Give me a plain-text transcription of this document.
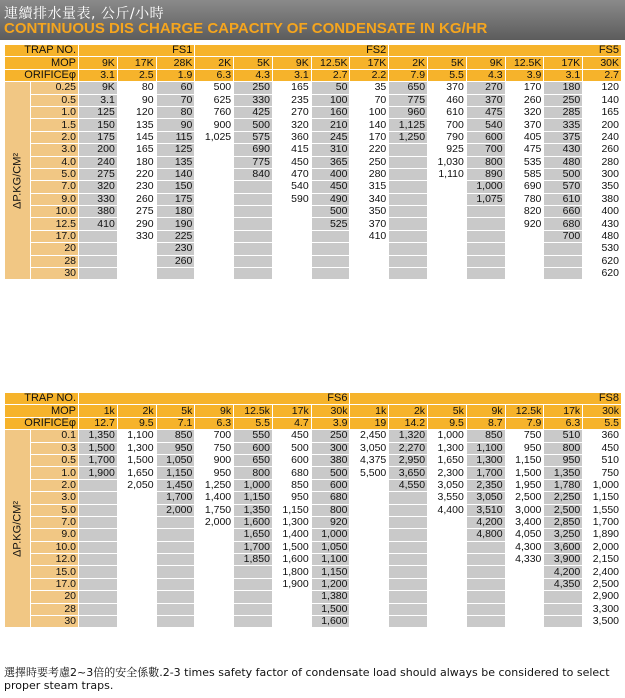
連續排水量表, 公斤/小時
CONTINUOUS DIS CHARGE CAPACITY OF CONDENSATE IN KG/HR
TRAP NO.		FS1			FS2					FS5					
MOP		9K	17K	28K	2K	5K	9K	12.5K	17K	2K	5K	9K	12.5K	17K	30K
ORIFICEφ		3.1	2.5	1.9	6.3	4.3	3.1	2.7	2.2	7.9	5.5	4.3	3.9	3.1	2.7

ΔP.KG/CM²	0.25	9K	80	60	500	250	165	50	35	650	370	270	170	180	120
	0.5	3.1	90	70	625	330	235	100	70	775	460	370	260	250	140
	1.0	125	120	80	760	425	270	160	100	960	610	475	320	285	165
	1.5	150	135	90	900	500	320	210	140	1,125	700	540	370	335	200
	2.0	175	145	115	1,025	575	360	245	170	1,250	790	600	405	375	240
	3.0	200	165	125		690	415	310	220		925	700	475	430	260
	4.0	240	180	135		775	450	365	250		1,030	800	535	480	280
	5.0	275	220	140		840	470	400	280		1,110	890	585	500	300
	7.0	320	230	150			540	450	315			1,000	690	570	350
	9.0	330	260	175			590	490	340			1,075	780	610	380
	10.0	380	275	180				500	350				820	660	400
	12.5	410	290	190				525	370				920	680	430
	17.0		330	225					410					700	480
	20			230											530
	28			260											620
	30														620
TRAP NO.		FS6							FS8						
MOP		1k	2k	5k	9k	12.5k	17k	30k	1k	2k	5k	9k	12.5k	17k	30k
ORIFICEφ		12.7	9.5	7.1	6.3	5.5	4.7	3.9	19	14.2	9.5	8.7	7.9	6.3	5.5

ΔP.KG/CM²	0.1	1,350	1,100	850	700	550	450	250	2,450	1,320	1,000	850	750	510	360
	0.3	1,500	1,300	950	750	600	500	300	3,050	2,270	1,300	1,100	950	800	450
	0.5	1,700	1,500	1,050	900	650	600	380	4,375	2,950	1,650	1,300	1,150	950	510
	1.0	1,900	1,650	1,150	950	800	680	500	5,500	3,650	2,300	1,700	1,500	1,350	750
	2.0		2,050	1,450	1,250	1,000	850	600		4,550	3,050	2,350	1,950	1,780	1,000
	3.0			1,700	1,400	1,150	950	680			3,550	3,050	2,500	2,250	1,150
	5.0			2,000	1,750	1,350	1,150	800			4,400	3,510	3,000	2,500	1,550
	7.0				2,000	1,600	1,300	920				4,200	3,400	2,850	1,700
	9.0					1,650	1,400	1,000				4,800	4,050	3,250	1,890
	10.0					1,700	1,500	1,050					4,300	3,600	2,000
	12.0					1,850	1,600	1,100					4,330	3,900	2,150
	15.0						1,800	1,150						4,200	2,400
	17.0						1,900	1,200						4,350	2,500
	20							1,380							2,900
	28							1,500							3,300
	30							1,600							3,500
選擇時要考慮2~3倍的安全係數.2-3 times safety factor of condensate load should always be considered to select proper steam traps.
